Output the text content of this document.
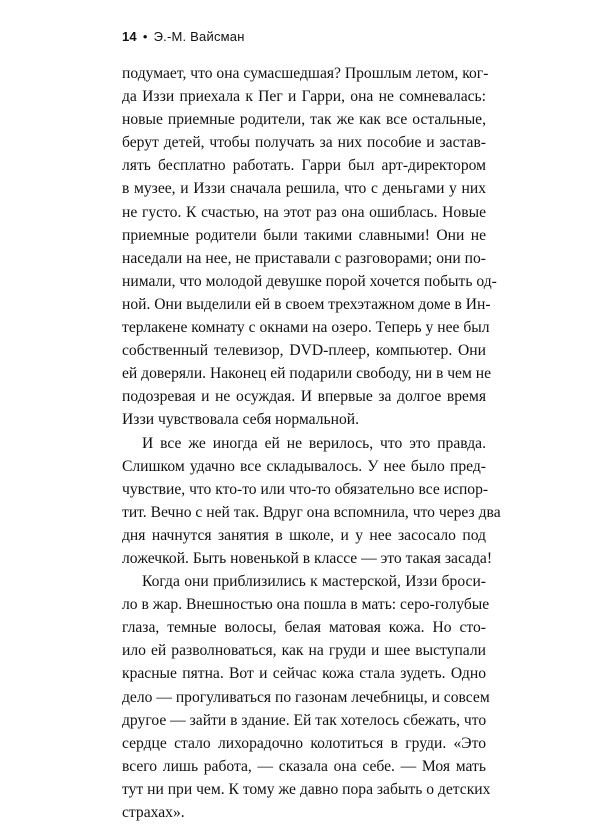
14 • Э.-М. Вайсман
подумает, что она сумасшедшая? Прошлым летом, ког-
да Иззи приехала к Пег и Гарри, она не сомневалась:
новые приемные родители, так же как все остальные,
берут детей, чтобы получать за них пособие и застав-
лять бесплатно работать. Гарри был арт-директором
в музее, и Иззи сначала решила, что с деньгами у них
не густо. К счастью, на этот раз она ошиблась. Новые
приемные родители были такими славными! Они не
наседали на нее, не приставали с разговорами; они по-
нимали, что молодой девушке порой хочется побыть од-
ной. Они выделили ей в своем трехэтажном доме в Ин-
терлакене комнату с окнами на озеро. Теперь у нее был
собственный телевизор, DVD-плеер, компьютер. Они
ей доверяли. Наконец ей подарили свободу, ни в чем не
подозревая и не осуждая. И впервые за долгое время
Иззи чувствовала себя нормальной.
И все же иногда ей не верилось, что это правда.
Слишком удачно все складывалось. У нее было пред-
чувствие, что кто-то или что-то обязательно все испор-
тит. Вечно с ней так. Вдруг она вспомнила, что через два
дня начнутся занятия в школе, и у нее засосало под
ложечкой. Быть новенькой в классе — это такая засада!
Когда они приблизились к мастерской, Иззи броси-
ло в жар. Внешностью она пошла в мать: серо-голубые
глаза, темные волосы, белая матовая кожа. Но сто-
ило ей разволноваться, как на груди и шее выступали
красные пятна. Вот и сейчас кожа стала зудеть. Одно
дело — прогуливаться по газонам лечебницы, и совсем
другое — зайти в здание. Ей так хотелось сбежать, что
сердце стало лихорадочно колотиться в груди. «Это
всего лишь работа, — сказала она себе. — Моя мать
тут ни при чем. К тому же давно пора забыть о детских
страхах».
